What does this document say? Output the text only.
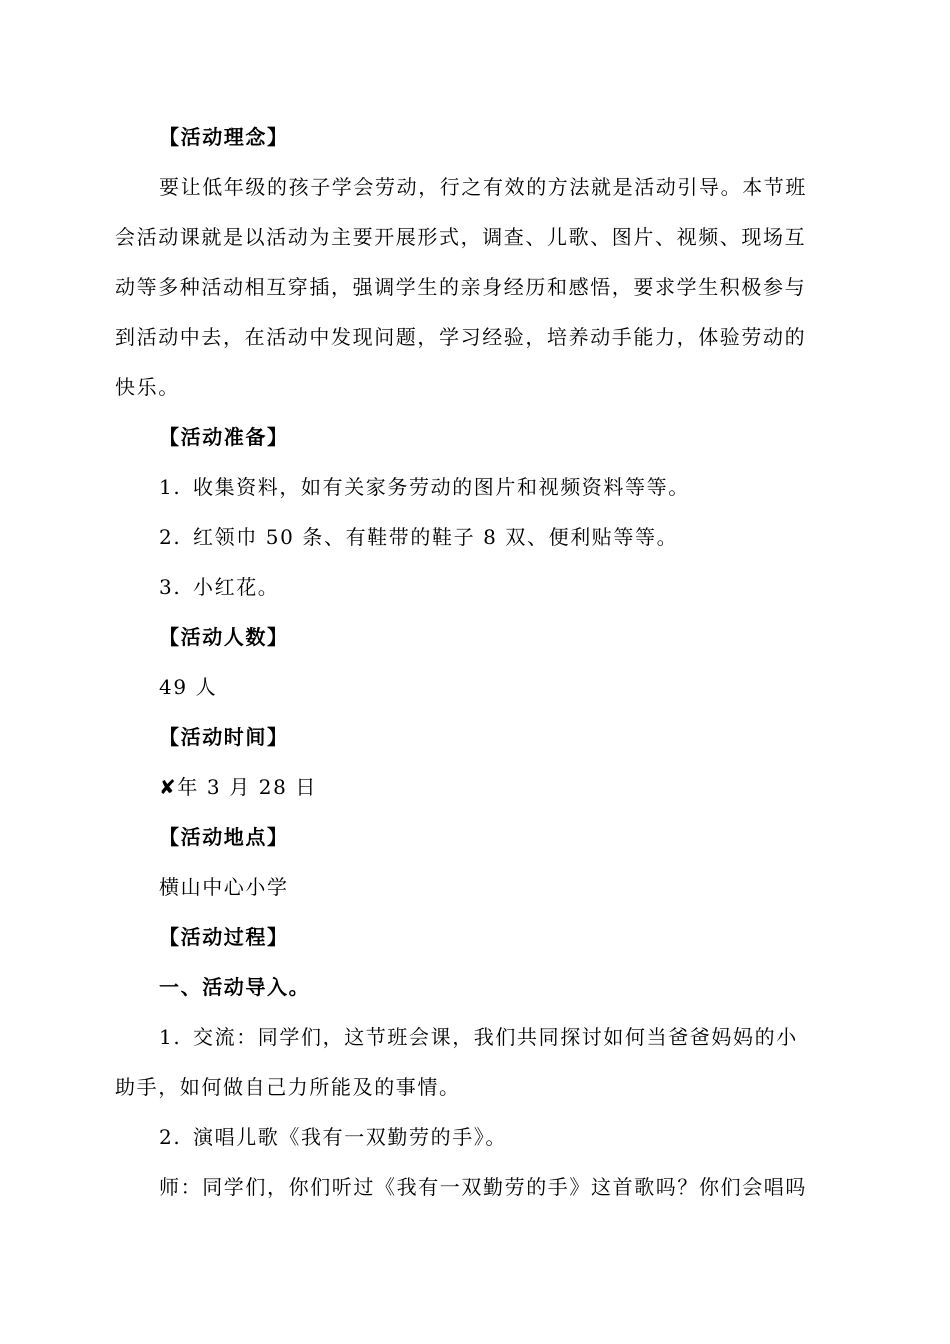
【活动理念】
要让低年级的孩子学会劳动，行之有效的方法就是活动引导。本节班
会活动课就是以活动为主要开展形式，调查、儿歌、图片、视频、现场互
动等多种活动相互穿插，强调学生的亲身经历和感悟，要求学生积极参与
到活动中去，在活动中发现问题，学习经验，培养动手能力，体验劳动的
快乐。
【活动准备】
1. 收集资料，如有关家务劳动的图片和视频资料等等。
2. 红领巾 50 条、有鞋带的鞋子 8 双、便利贴等等。
3. 小红花。
【活动人数】
49 人
【活动时间】
✘年 3 月 28 日
【活动地点】
横山中心小学
【活动过程】
一、活动导入。
1. 交流：同学们，这节班会课，我们共同探讨如何当爸爸妈妈的小
助手，如何做自己力所能及的事情。
2. 演唱儿歌《我有一双勤劳的手》。
师：同学们，你们听过《我有一双勤劳的手》这首歌吗？你们会唱吗
